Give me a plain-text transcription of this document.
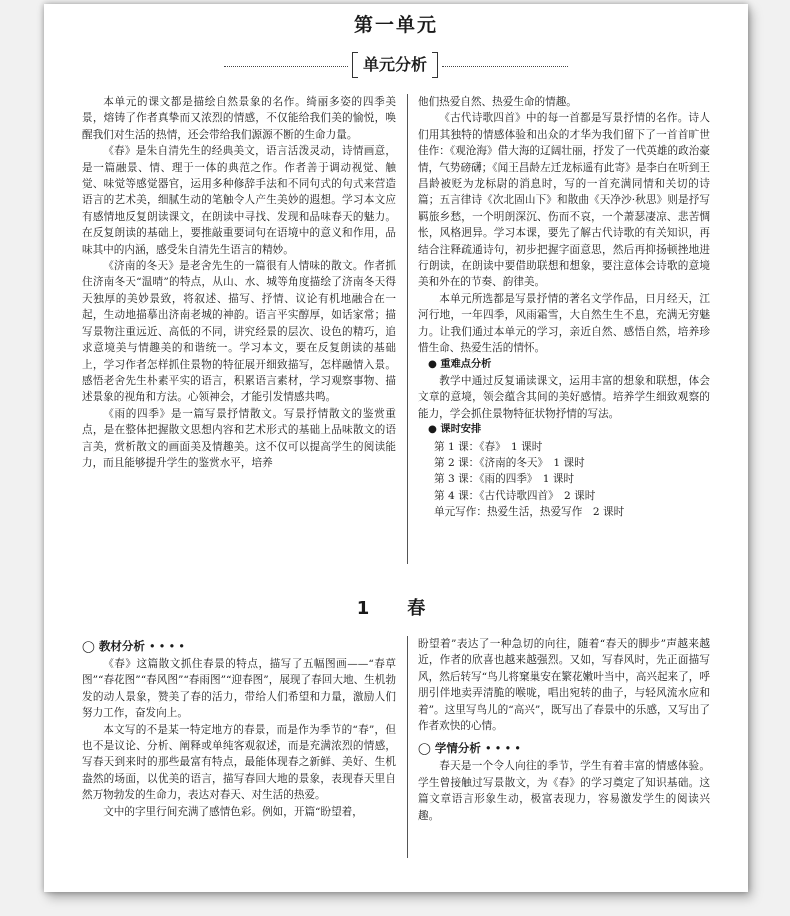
第一单元
单元分析

本单元的课文都是描绘自然景象的名作。绮丽多姿的四季美景，熔铸了作者真挚而又浓烈的情感，不仅能给我们美的愉悦，唤醒我们对生活的热情，还会带给我们源源不断的生命力量。

《春》是朱自清先生的经典美文，语言活泼灵动，诗情画意，是一篇融景、情、理于一体的典范之作。作者善于调动视觉、触觉、味觉等感觉器官，运用多种修辞手法和不同句式的句式来营造语言的艺术美，细腻生动的笔触令人产生美妙的遐想。学习本文应有感情地反复朗读课文，在朗读中寻找、发现和品味春天的魅力。在反复朗读的基础上，要推敲重要词句在语境中的意义和作用，品味其中的内涵，感受朱自清先生语言的精妙。

《济南的冬天》是老舍先生的一篇很有人情味的散文。作者抓住济南冬天“温晴”的特点，从山、水、城等角度描绘了济南冬天得天独厚的美妙景致，将叙述、描写、抒情、议论有机地融合在一起，生动地描摹出济南老城的神韵。语言平实醇厚，如话家常；描写景物注重远近、高低的不同，讲究经景的层次、设色的精巧，追求意境美与情趣美的和谐统一。学习本文，要在反复朗读的基础上，学习作者怎样抓住景物的特征展开细致描写，怎样融情入景。感悟老舍先生朴素平实的语言，积累语言素材，学习观察事物、描述景象的视角和方法。心领神会，才能引发情感共鸣。

《雨的四季》是一篇写景抒情散文。写景抒情散文的鉴赏重点，是在整体把握散文思想内容和艺术形式的基础上品味散文的语言美，赏析散文的画面美及情趣美。这不仅可以提高学生的阅读能力，而且能够提升学生的鉴赏水平，培养

他们热爱自然、热爱生命的情趣。

《古代诗歌四首》中的每一首都是写景抒情的名作。诗人们用其独特的情感体验和出众的才华为我们留下了一首首旷世佳作：《观沧海》借大海的辽阔壮丽，抒发了一代英雄的政治豪情，气势磅礴；《闻王昌龄左迁龙标遥有此寄》是李白在听到王昌龄被贬为龙标尉的消息时，写的一首充满同情和关切的诗篇；五言律诗《次北固山下》和散曲《天净沙·秋思》则是抒写羁旅乡愁，一个明朗深沉、伤而不哀，一个萧瑟凄凉、悲苦惆怅，风格迥异。学习本课，要先了解古代诗歌的有关知识，再结合注释疏通诗句，初步把握字面意思，然后再抑扬顿挫地进行朗读，在朗读中要借助联想和想象，要注意体会诗歌的意境美和外在的节奏、韵律美。

本单元所选都是写景抒情的著名文学作品，日月经天，江河行地，一年四季，风雨霜雪，大自然生生不息，充满无穷魅力。让我们通过本单元的学习，亲近自然、感悟自然，培养珍惜生命、热爱生活的情怀。

● 重难点分析

教学中通过反复诵读课文，运用丰富的想象和联想，体会文章的意境，领会蕴含其间的美好感情。培养学生细致观察的能力，学会抓住景物特征状物抒情的写法。

● 课时安排

第 1 课：《春》　1 课时

第 2 课：《济南的冬天》　1 课时

第 3 课：《雨的四季》　1 课时

第 4 课：《古代诗歌四首》　2 课时

单元写作：热爱生活，热爱写作　2 课时

1　春

◯ 教材分析 ••••

《春》这篇散文抓住春景的特点，描写了五幅图画——“春草图”“春花图”“春风图”“春雨图”“迎春图”，展现了春回大地、生机勃发的动人景象，赞美了春的活力，带给人们希望和力量，激励人们努力工作，奋发向上。

本文写的不是某一特定地方的春景，而是作为季节的“春”，但也不是议论、分析、阐释或单纯客观叙述，而是充满浓烈的情感，写春天到来时的那些最富有特点，最能体现春之新鲜、美好、生机盎然的场面，以优美的语言，描写春回大地的景象，表现春天里自然万物勃发的生命力，表达对春天、对生活的热爱。

文中的字里行间充满了感情色彩。例如，开篇“盼望着，

盼望着”表达了一种急切的向往，随着“春天的脚步”声越来越近，作者的欣喜也越来越强烈。又如，写春风时，先正面描写风，然后转写“鸟儿将窠巢安在繁花嫩叶当中，高兴起来了，呼朋引伴地卖弄清脆的喉咙，唱出宛转的曲子，与轻风流水应和着”。这里写鸟儿的“高兴”，既写出了春景中的乐感，又写出了作者欢快的心情。

◯ 学情分析 ••••

春天是一个令人向往的季节，学生有着丰富的情感体验。学生曾接触过写景散文，为《春》的学习奠定了知识基础。这篇文章语言形象生动，极富表现力，容易激发学生的阅读兴趣。
